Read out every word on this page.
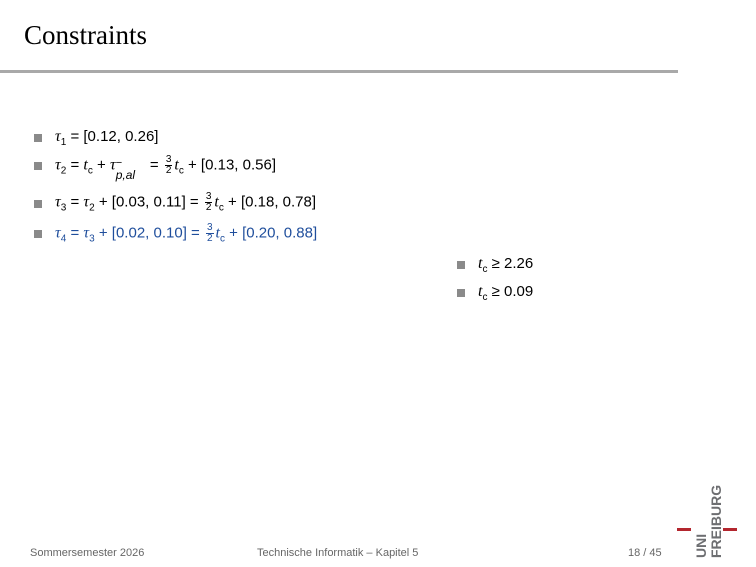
Constraints
$\tau_1 = [0.12$, 0.26]
$\tau_2 = t_c + \tau$ −
p,al
= $\frac{3}{2} t_c + [0.13$, 0.56]
$\tau_3 = \tau_2 + [0.03$, $0.11] = \frac{3}{2} t_c + [0.18$, 0.78]
$\tau_4 = \tau_3 + [0.02$, $0.10] = \frac{3}{2} t_c + [0.20$, 0.88]
$t_c \ge 2.26$
$t_c \ge 0.09$
Sommersemester 2026	Technische Informatik – Kapitel 5	18 / 45 UNI FREIBURG
